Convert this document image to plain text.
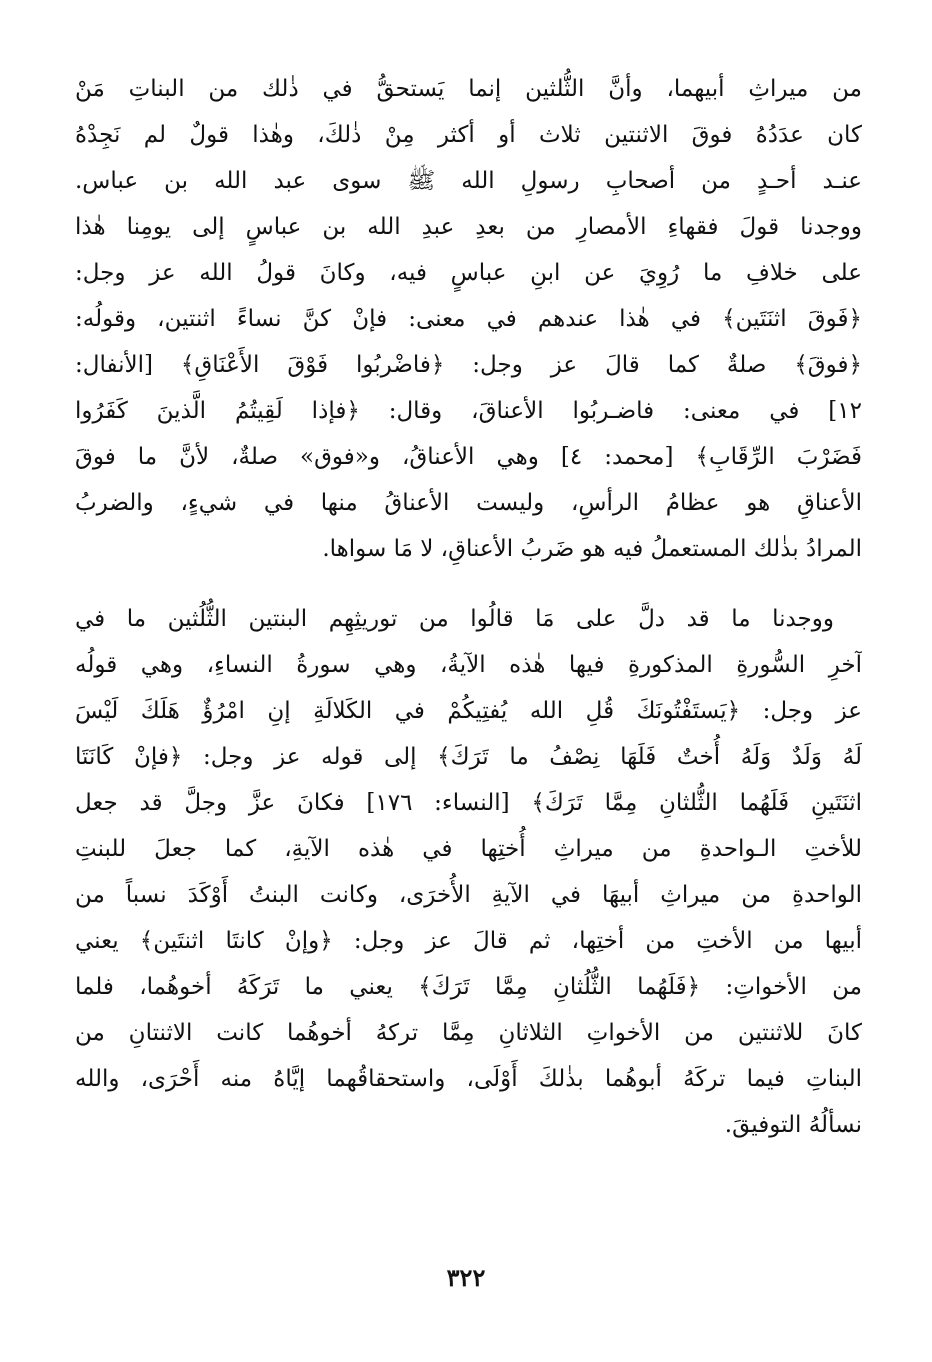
من ميراثِ أبيهما، وأنَّ الثُّلثين إنما يَستحقُّ في ذٰلك من البناتِ مَنْ
كان عدَدُهُ فوقَ الاثنتين ثلاث أو أكثر مِنْ ذٰلكَ، وهٰذا قولٌ لم نَجِدْهُ
عنـد أحـدٍ من أصحابِ رسولِ الله ﷺ سوى عبد الله بن عباس.
ووجدنا قولَ فقهاءِ الأمصارِ من بعدِ عبدِ الله بن عباسٍ إلى يومِنا هٰذا
على خلافِ ما رُوِيَ عن ابنِ عباسٍ فيه، وكانَ قولُ الله عز وجل:
﴿فَوقَ اثنَتَين﴾ في هٰذا عندهم في معنى: فإنْ كنَّ نساءً اثنتين، وقولُه:
﴿فوقَ﴾ صلةٌ كما قالَ عز وجل: ﴿فاضْربُوا فَوْقَ الأَعْنَاقِ﴾ [الأنفال:
١٢] في معنى: فاضـربُوا الأعناقَ، وقال: ﴿فإذا لَقِيتُمُ الَّذينَ كَفَرُوا
فَضَرْبَ الرِّقَابِ﴾ [محمد: ٤] وهي الأعناقُ، و«فوق» صلةٌ، لأنَّ ما فوقَ
الأعناقِ هو عظامُ الرأسِ، وليست الأعناقُ منها في شيءٍ، والضربُ
المرادُ بذٰلك المستعملُ فيه هو ضَربُ الأعناقِ، لا مَا سواها.
ووجدنا ما قد دلَّ على مَا قالُوا من توريثِهِم البنتين الثُّلُثين ما في
آخرِ السُّورةِ المذكورةِ فيها هٰذه الآيةُ، وهي سورةُ النساءِ، وهي قولُه
عز وجل: ﴿يَستَفْتُونَكَ قُلِ الله يُفتِيكُمْ في الكَلالَةِ إنِ امْرُؤٌ هَلَكَ لَيْسَ
لَهُ وَلَدٌ وَلَهُ أُختٌ فَلَهَا نِصْفُ ما تَرَكَ﴾ إلى قوله عز وجل: ﴿فإنْ كَانَتَا
اثنَتَينِ فَلَهُما الثُّلثانِ مِمَّا تَرَكَ﴾ [النساء: ١٧٦] فكانَ عزَّ وجلَّ قد جعل
للأختِ الـواحدةِ من ميراثِ أُختِها في هٰذه الآيةِ، كما جعلَ للبنتِ
الواحدةِ من ميراثِ أبيهَا في الآيةِ الأُخرَى، وكانت البنتُ أَوْكَدَ نسباً من
أبيها من الأختِ من أختِها، ثم قالَ عز وجل: ﴿وإنْ كانتَا اثنتَين﴾ يعني
من الأخواتِ: ﴿فَلَهُما الثُّلُثانِ مِمَّا تَرَكَ﴾ يعني ما تَرَكَهُ أخوهُما، فلما
كانَ للاثنتين من الأخواتِ الثلاثانِ مِمَّا تركهُ أخوهُما كانت الاثنتانِ من
البناتِ فيما تركَهُ أبوهُما بذٰلكَ أَوْلَى، واستحقاقُهما إيَّاهُ منه أَحْرَى، والله
نسألُهُ التوفيقَ.
٣٢٢
